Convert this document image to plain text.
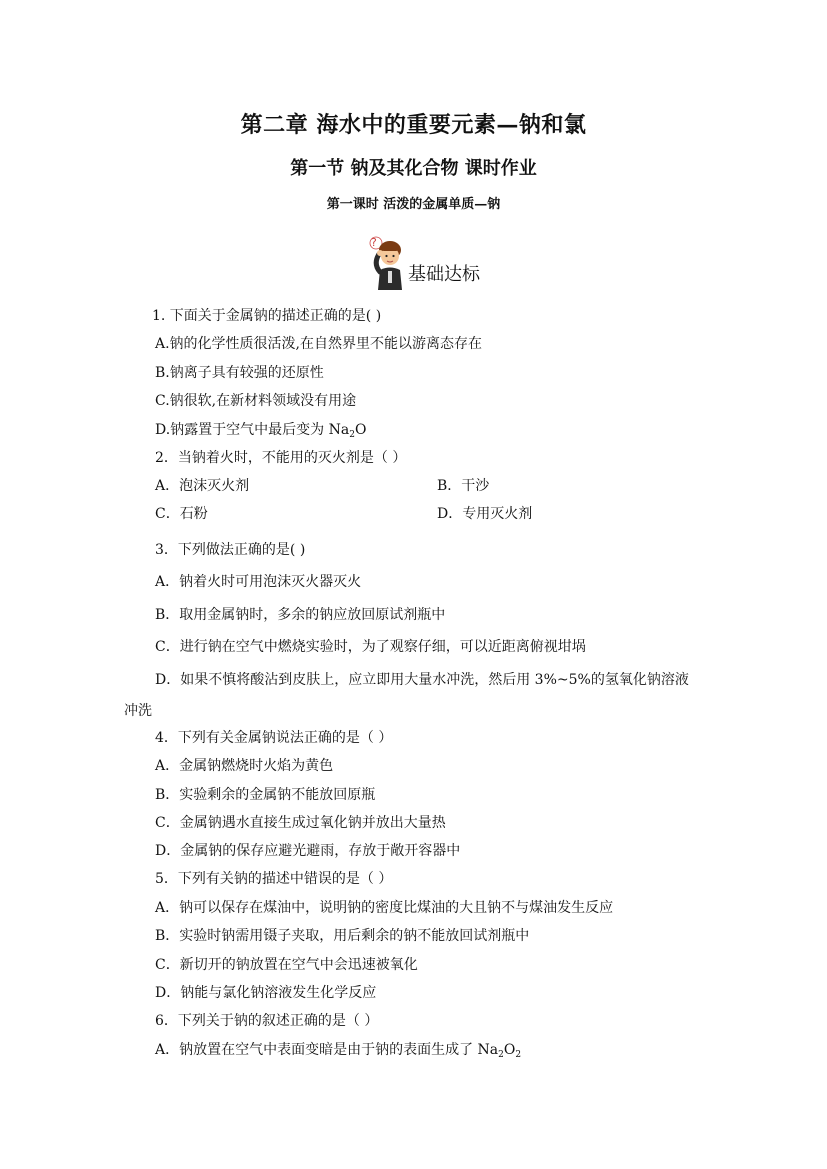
第二章 海水中的重要元素—钠和氯
第一节 钠及其化合物 课时作业
第一课时 活泼的金属单质—钠
?
基础达标
1. 下面关于金属钠的描述正确的是( )
A.钠的化学性质很活泼,在自然界里不能以游离态存在
B.钠离子具有较强的还原性
C.钠很软,在新材料领域没有用途
D.钠露置于空气中最后变为 $Na_2O$
2．当钠着火时，不能用的灭火剂是（ ）
A．泡沫灭火剂	B．干沙
C．石粉	D．专用灭火剂
3．下列做法正确的是( )
A．钠着火时可用泡沫灭火器灭火
B．取用金属钠时，多余的钠应放回原试剂瓶中
C．进行钠在空气中燃烧实验时，为了观察仔细，可以近距离俯视坩埚
D．如果不慎将酸沾到皮肤上，应立即用大量水冲洗，然后用 3%~5%的氢氧化钠溶液
冲洗
4．下列有关金属钠说法正确的是（ ）
A．金属钠燃烧时火焰为黄色
B．实验剩余的金属钠不能放回原瓶
C．金属钠遇水直接生成过氧化钠并放出大量热
D．金属钠的保存应避光避雨，存放于敞开容器中
5．下列有关钠的描述中错误的是（ ）
A．钠可以保存在煤油中，说明钠的密度比煤油的大且钠不与煤油发生反应
B．实验时钠需用镊子夹取，用后剩余的钠不能放回试剂瓶中
C．新切开的钠放置在空气中会迅速被氧化
D．钠能与氯化钠溶液发生化学反应
6．下列关于钠的叙述正确的是（ ）
A．钠放置在空气中表面变暗是由于钠的表面生成了 $Na_2O_2$
